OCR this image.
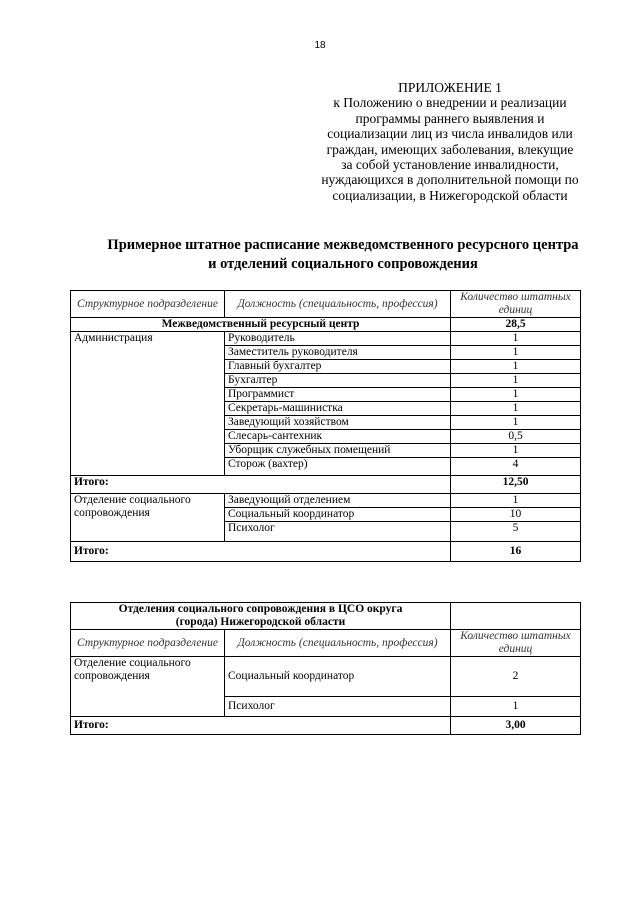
18
ПРИЛОЖЕНИЕ 1
к Положению о внедрении и реализации
программы раннего выявления и
социализации лиц из числа инвалидов или
граждан, имеющих заболевания, влекущие
за собой установление инвалидности,
нуждающихся в дополнительной помощи по
социализации, в Нижегородской области
Примерное штатное расписание межведомственного ресурсного центра
и отделений социального сопровождения
Структурное подразделение	Должность (специальность, профессия)	Количество штатных единиц
Межведомственный ресурсный центр		28,5
Администрация	Руководитель	1
	Заместитель руководителя	1
	Главный бухгалтер	1
	Бухгалтер	1
	Программист	1
	Секретарь-машинистка	1
	Заведующий хозяйством	1
	Слесарь-сантехник	0,5
	Уборщик служебных помещений	1
	Сторож (вахтер)	4
Итого:		12,50
Отделение социального сопровождения	Заведующий отделением	1
	Социальный координатор	10
	Психолог	5
Итого:		16
Отделения социального сопровождения в ЦСО округа (города) Нижегородской области		
Структурное подразделение	Должность (специальность, профессия)	Количество штатных единиц
Отделение социального сопровождения	Социальный координатор	2
	Психолог	1
Итого:		3,00
